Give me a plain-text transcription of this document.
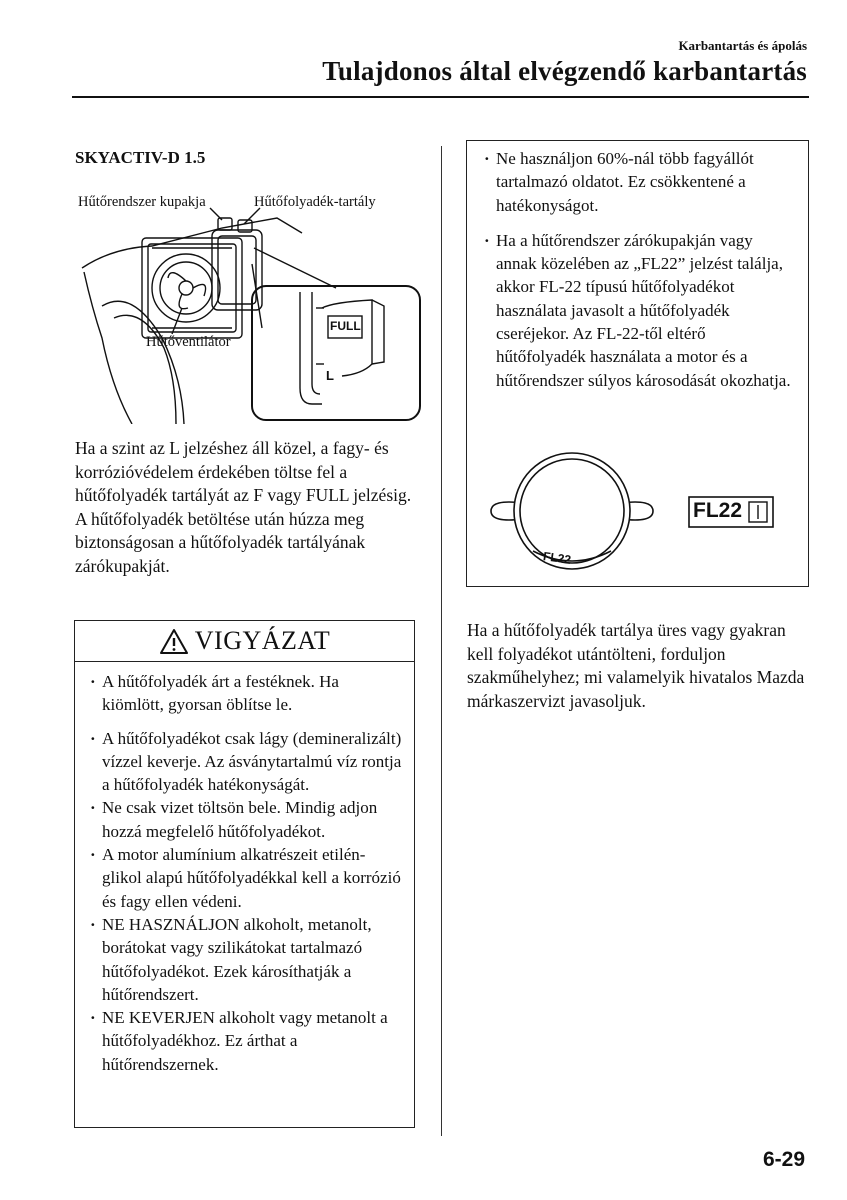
Karbantartás és ápolás
Tulajdonos által elvégzendő karbantartás
SKYACTIV-D 1.5
Hűtőrendszer kupakja	Hűtőfolyadék-tartály
Hűtőventilátor
FULL
L

Ha a szint az L jelzéshez áll közel, a fagy- és korrózióvédelem érdekében töltse fel a hűtőfolyadék tartályát az F vagy FULL jelzésig.

A hűtőfolyadék betöltése után húzza meg biztonságosan a hűtőfolyadék tartályának zárókupakját.

VIGYÁZAT
· A hűtőfolyadék árt a festéknek. Ha kiömlött, gyorsan öblítse le.
· A hűtőfolyadékot csak lágy (demineralizált) vízzel keverje. Az ásványtartalmú víz rontja a hűtőfolyadék hatékonyságát.
· Ne csak vizet töltsön bele. Mindig adjon hozzá megfelelő hűtőfolyadékot.
· A motor alumínium alkatrészeit etilén-glikol alapú hűtőfolyadékkal kell a korrózió és fagy ellen védeni.
· NE HASZNÁLJON alkoholt, metanolt, borátokat vagy szilikátokat tartalmazó hűtőfolyadékot. Ezek károsíthatják a hűtőrendszert.
· NE KEVERJEN alkoholt vagy metanolt a hűtőfolyadékhoz. Ez árthat a hűtőrendszernek.
· Ne használjon 60%-nál több fagyállót tartalmazó oldatot. Ez csökkentené a hatékonyságot.
· Ha a hűtőrendszer zárókupakján vagy annak közelében az „FL22” jelzést találja, akkor FL-22 típusú hűtőfolyadékot használata javasolt a hűtőfolyadék cseréjekor. Az FL-22-től eltérő hűtőfolyadék használata a motor és a hűtőrendszer súlyos károsodását okozhatja.
FL22
FL22

Ha a hűtőfolyadék tartálya üres vagy gyakran kell folyadékot utántölteni, forduljon szakműhelyhez; mi valamelyik hivatalos Mazda márkaszervizt javasoljuk.

6-29
